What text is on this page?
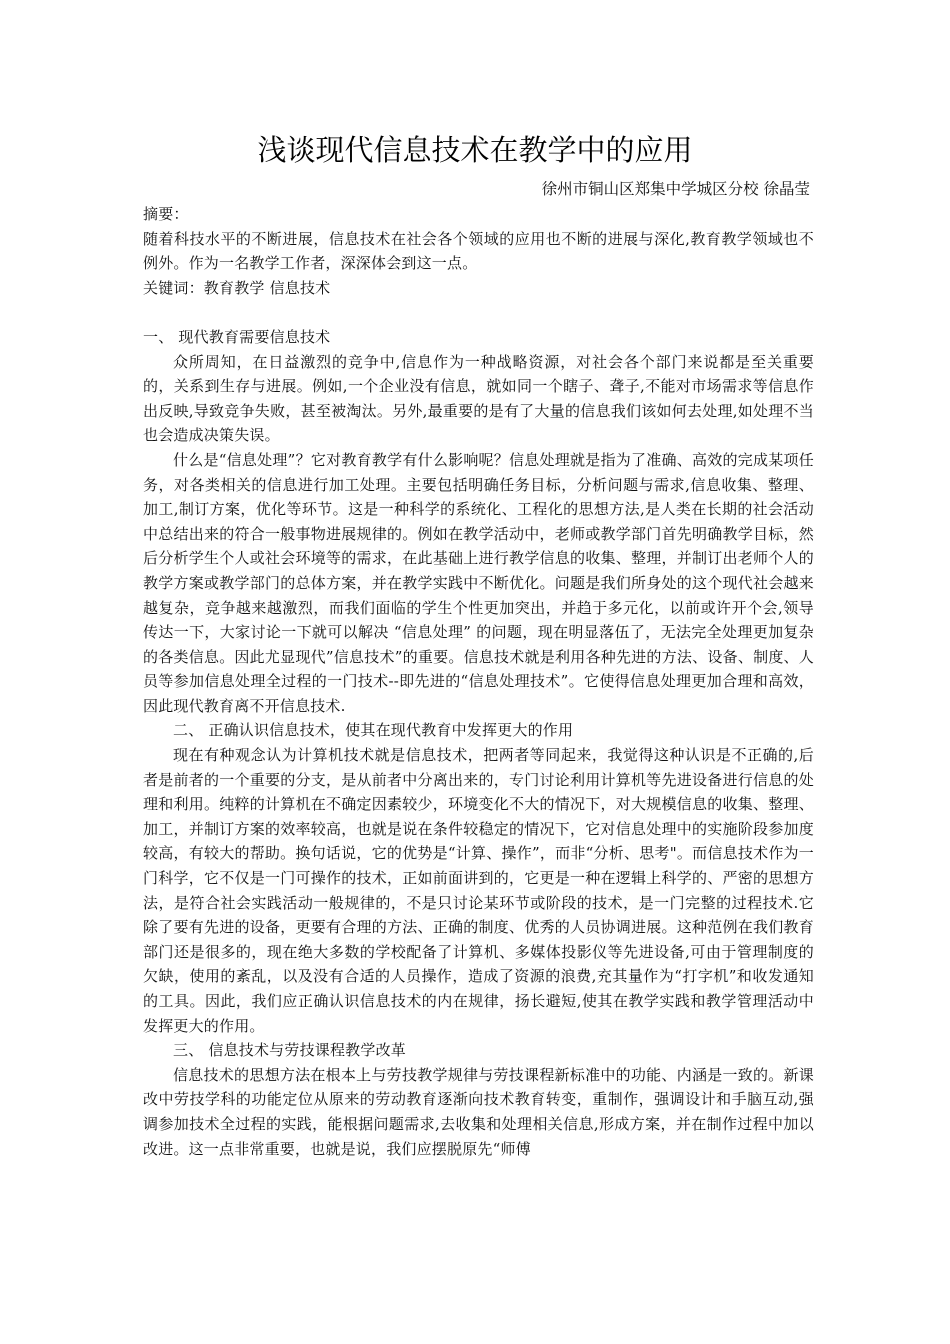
浅谈现代信息技术在教学中的应用
徐州市铜山区郑集中学城区分校 徐晶莹

摘要：

随着科技水平的不断进展，信息技术在社会各个领域的应用也不断的进展与深化,教育教学领域也不例外。作为一名教学工作者，深深体会到这一点。

关键词：教育教学 信息技术

一、 现代教育需要信息技术

众所周知，在日益激烈的竞争中,信息作为一种战略资源，对社会各个部门来说都是至关重要的，关系到生存与进展。例如,一个企业没有信息，就如同一个瞎子、聋子,不能对市场需求等信息作出反映,导致竞争失败，甚至被淘汰。另外,最重要的是有了大量的信息我们该如何去处理,如处理不当也会造成决策失误。

什么是“信息处理”？它对教育教学有什么影响呢？信息处理就是指为了准确、高效的完成某项任务，对各类相关的信息进行加工处理。主要包括明确任务目标，分析问题与需求,信息收集、整理、加工,制订方案，优化等环节。这是一种科学的系统化、工程化的思想方法,是人类在长期的社会活动中总结出来的符合一般事物进展规律的。例如在教学活动中，老师或教学部门首先明确教学目标，然后分析学生个人或社会环境等的需求，在此基础上进行教学信息的收集、整理，并制订出老师个人的教学方案或教学部门的总体方案，并在教学实践中不断优化。问题是我们所身处的这个现代社会越来越复杂，竞争越来越激烈，而我们面临的学生个性更加突出，并趋于多元化，以前或许开个会,领导传达一下，大家讨论一下就可以解决 “信息处理” 的问题，现在明显落伍了，无法完全处理更加复杂的各类信息。因此尤显现代”信息技术”的重要。信息技术就是利用各种先进的方法、设备、制度、人员等参加信息处理全过程的一门技术--即先进的“信息处理技术”。它使得信息处理更加合理和高效，因此现代教育离不开信息技术.

二、 正确认识信息技术，使其在现代教育中发挥更大的作用

现在有种观念认为计算机技术就是信息技术，把两者等同起来，我觉得这种认识是不正确的,后者是前者的一个重要的分支，是从前者中分离出来的，专门讨论利用计算机等先进设备进行信息的处理和利用。纯粹的计算机在不确定因素较少，环境变化不大的情况下，对大规模信息的收集、整理、加工，并制订方案的效率较高，也就是说在条件较稳定的情况下，它对信息处理中的实施阶段参加度较高，有较大的帮助。换句话说，它的优势是“计算、操作”，而非“分析、思考"。而信息技术作为一门科学，它不仅是一门可操作的技术，正如前面讲到的，它更是一种在逻辑上科学的、严密的思想方法，是符合社会实践活动一般规律的，不是只讨论某环节或阶段的技术，是一门完整的过程技术.它除了要有先进的设备，更要有合理的方法、正确的制度、优秀的人员协调进展。这种范例在我们教育部门还是很多的，现在绝大多数的学校配备了计算机、多媒体投影仪等先进设备,可由于管理制度的欠缺，使用的紊乱，以及没有合适的人员操作，造成了资源的浪费,充其量作为“打字机”和收发通知的工具。因此，我们应正确认识信息技术的内在规律，扬长避短,使其在教学实践和教学管理活动中发挥更大的作用。

三、 信息技术与劳技课程教学改革

信息技术的思想方法在根本上与劳技教学规律与劳技课程新标准中的功能、内涵是一致的。新课改中劳技学科的功能定位从原来的劳动教育逐渐向技术教育转变，重制作，强调设计和手脑互动,强调参加技术全过程的实践，能根据问题需求,去收集和处理相关信息,形成方案，并在制作过程中加以改进。这一点非常重要，也就是说，我们应摆脱原先“师傅
